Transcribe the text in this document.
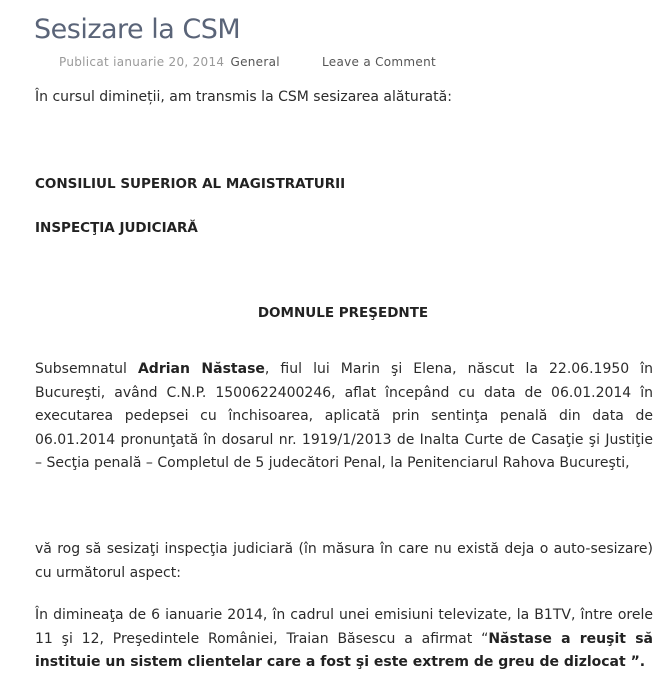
Sesizare la CSM
Publicat ianuarie 20, 2014 General	Leave a Comment
În cursul dimineții, am transmis la CSM sesizarea alăturată:
CONSILIUL SUPERIOR AL MAGISTRATURII
INSPECŢIA JUDICIARĂ
DOMNULE PREŞEDNTE

Subsemnatul Adrian Năstase, fiul lui Marin şi Elena, născut la 22.06.1950 în Bucureşti, având C.N.P. 1500622400246, aflat începând cu data de 06.01.2014 în executarea pedepsei cu închisoarea, aplicată prin sentinţa penală din data de 06.01.2014 pronunţată în dosarul nr. 1919/1/2013 de Inalta Curte de Casaţie şi Justiţie – Secţia penală – Completul de 5 judecători Penal, la Penitenciarul Rahova Bucureşti,

vă rog să sesizaţi inspecţia judiciară (în măsura în care nu există deja o auto-sesizare) cu următorul aspect:

În dimineaţa de 6 ianuarie 2014, în cadrul unei emisiuni televizate, la B1TV, între orele 11 şi 12, Preşedintele României, Traian Băsescu a afirmat “Năstase a reuşit să instituie un sistem clientelar care a fost şi este extrem de greu de dizlocat ”.
